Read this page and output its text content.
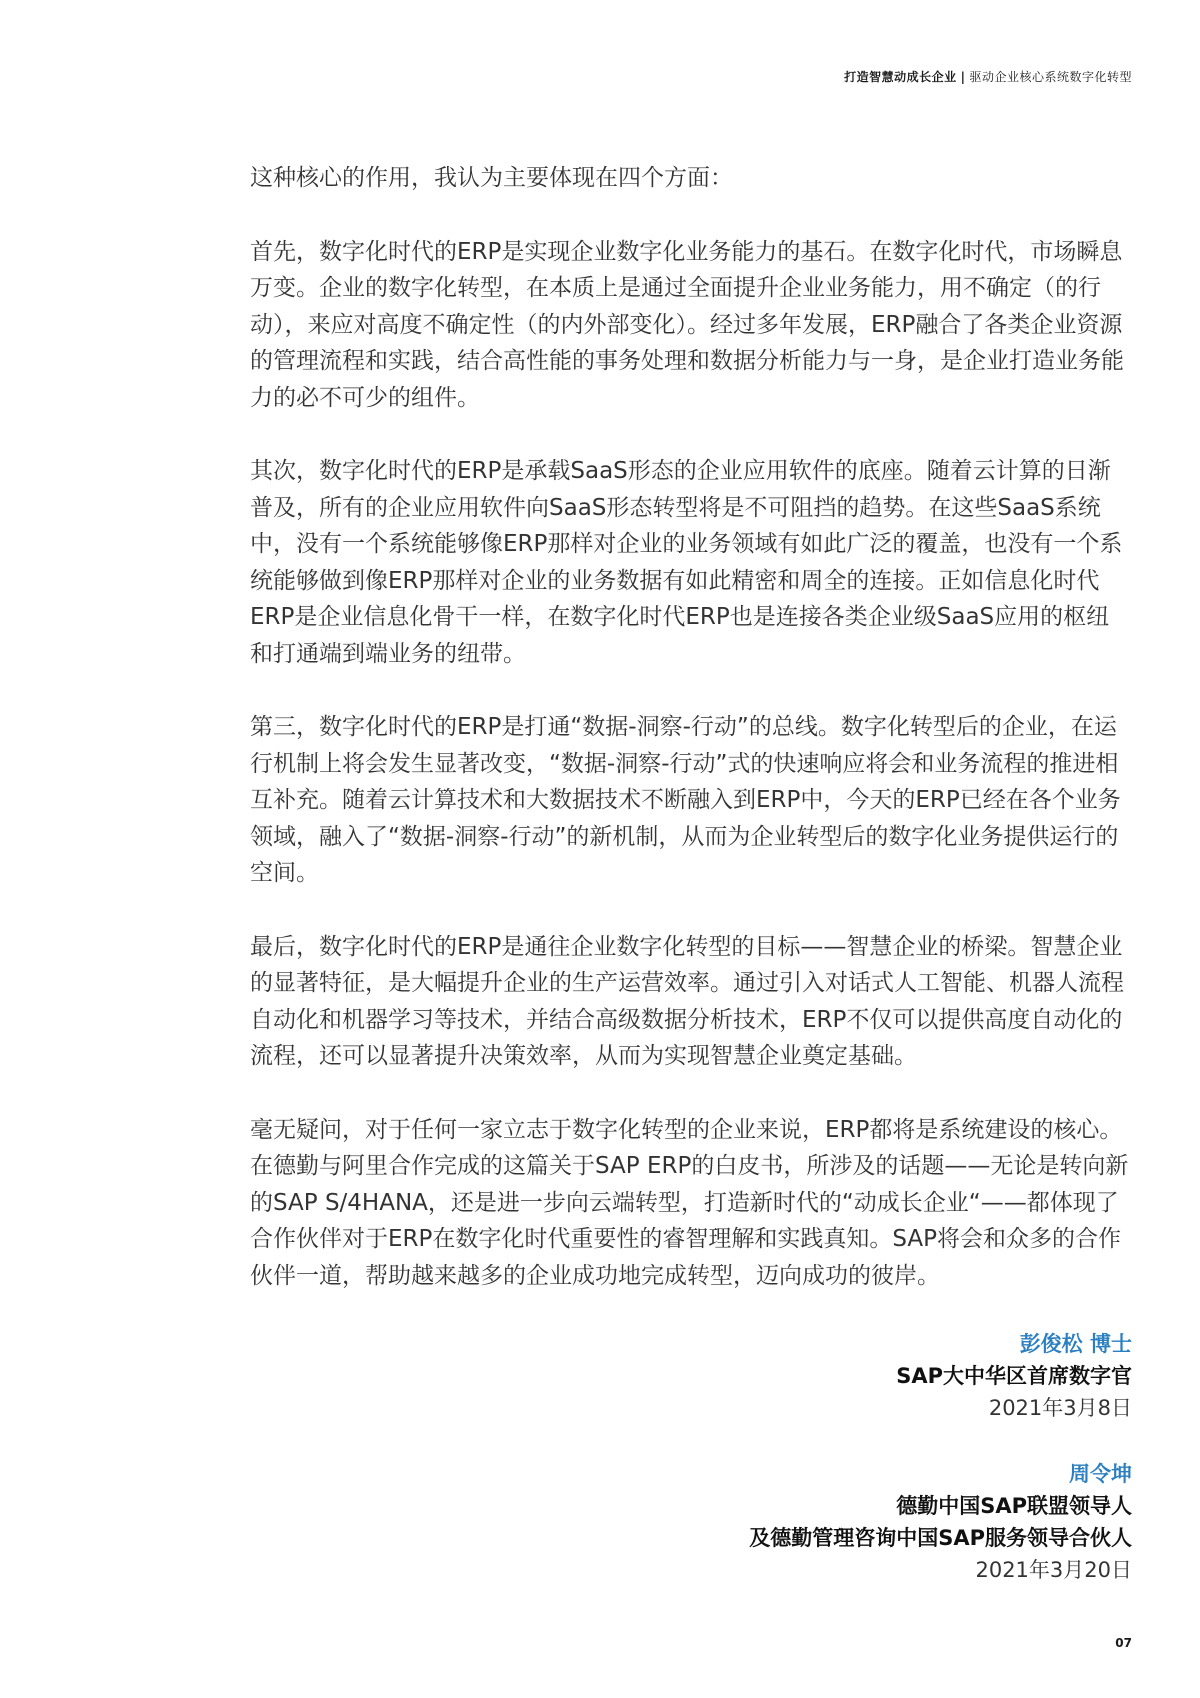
打造智慧动成长企业 | 驱动企业核心系统数字化转型

这种核心的作用，我认为主要体现在四个方面：

首先，数字化时代的ERP是实现企业数字化业务能力的基石。在数字化时代，市场瞬息万变。企业的数字化转型，在本质上是通过全面提升企业业务能力，用不确定（的行动），来应对高度不确定性（的内外部变化）。经过多年发展，ERP融合了各类企业资源的管理流程和实践，结合高性能的事务处理和数据分析能力与一身，是企业打造业务能力的必不可少的组件。

其次，数字化时代的ERP是承载SaaS形态的企业应用软件的底座。随着云计算的日渐普及，所有的企业应用软件向SaaS形态转型将是不可阻挡的趋势。在这些SaaS系统中，没有一个系统能够像ERP那样对企业的业务领域有如此广泛的覆盖，也没有一个系统能够做到像ERP那样对企业的业务数据有如此精密和周全的连接。正如信息化时代ERP是企业信息化骨干一样，在数字化时代ERP也是连接各类企业级SaaS应用的枢纽和打通端到端业务的纽带。

第三，数字化时代的ERP是打通“数据-洞察-行动”的总线。数字化转型后的企业，在运行机制上将会发生显著改变，“数据-洞察-行动”式的快速响应将会和业务流程的推进相互补充。随着云计算技术和大数据技术不断融入到ERP中，今天的ERP已经在各个业务领域，融入了“数据-洞察-行动”的新机制，从而为企业转型后的数字化业务提供运行的空间。

最后，数字化时代的ERP是通往企业数字化转型的目标——智慧企业的桥梁。智慧企业的显著特征，是大幅提升企业的生产运营效率。通过引入对话式人工智能、机器人流程自动化和机器学习等技术，并结合高级数据分析技术，ERP不仅可以提供高度自动化的流程，还可以显著提升决策效率，从而为实现智慧企业奠定基础。

毫无疑问，对于任何一家立志于数字化转型的企业来说，ERP都将是系统建设的核心。在德勤与阿里合作完成的这篇关于SAP ERP的白皮书，所涉及的话题——无论是转向新的SAP S/4HANA，还是进一步向云端转型，打造新时代的“动成长企业“——都体现了合作伙伴对于ERP在数字化时代重要性的睿智理解和实践真知。SAP将会和众多的合作伙伴一道，帮助越来越多的企业成功地完成转型，迈向成功的彼岸。

彭俊松 博士
SAP大中华区首席数字官
2021年3月8日
周令坤
德勤中国SAP联盟领导人
及德勤管理咨询中国SAP服务领导合伙人
2021年3月20日
07
